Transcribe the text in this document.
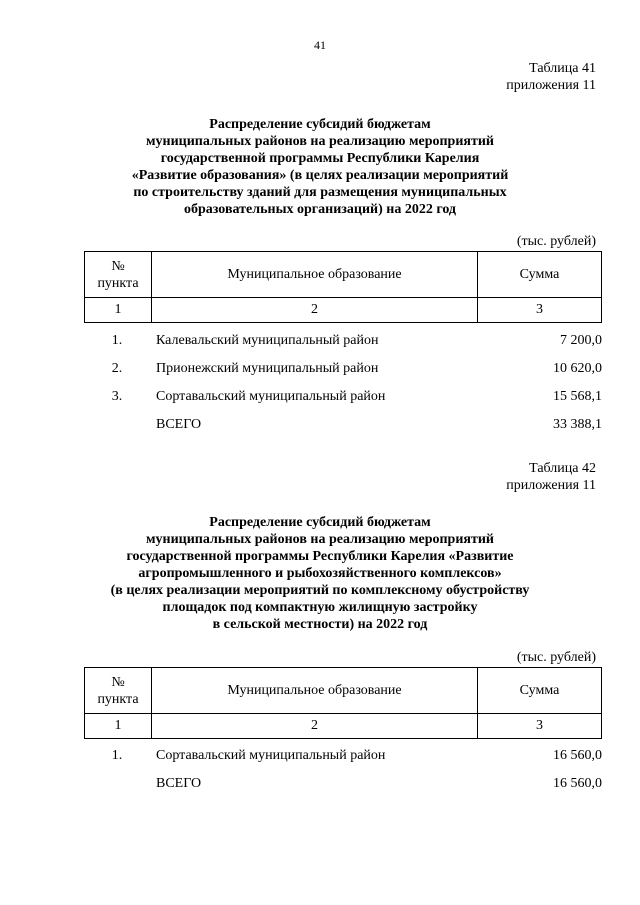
41
Таблица 41
приложения 11
Распределение субсидий бюджетам
муниципальных районов на реализацию мероприятий
государственной программы Республики Карелия
«Развитие образования» (в целях реализации мероприятий
по строительству зданий для размещения муниципальных
образовательных организаций) на 2022 год
(тыс. рублей)
№
пункта	Муниципальное образование	Сумма
1	2	3
1.	Калевальский муниципальный район	7 200,0
2.	Прионежский муниципальный район	10 620,0
3.	Сортавальский муниципальный район	15 568,1
	ВСЕГО	33 388,1
Таблица 42
приложения 11
Распределение субсидий бюджетам
муниципальных районов на реализацию мероприятий
государственной программы Республики Карелия «Развитие
агропромышленного и рыбохозяйственного комплексов»
(в целях реализации мероприятий по комплексному обустройству
площадок под компактную жилищную застройку
в сельской местности) на 2022 год
(тыс. рублей)
№
пункта	Муниципальное образование	Сумма
1	2	3
1.	Сортавальский муниципальный район	16 560,0
	ВСЕГО	16 560,0
